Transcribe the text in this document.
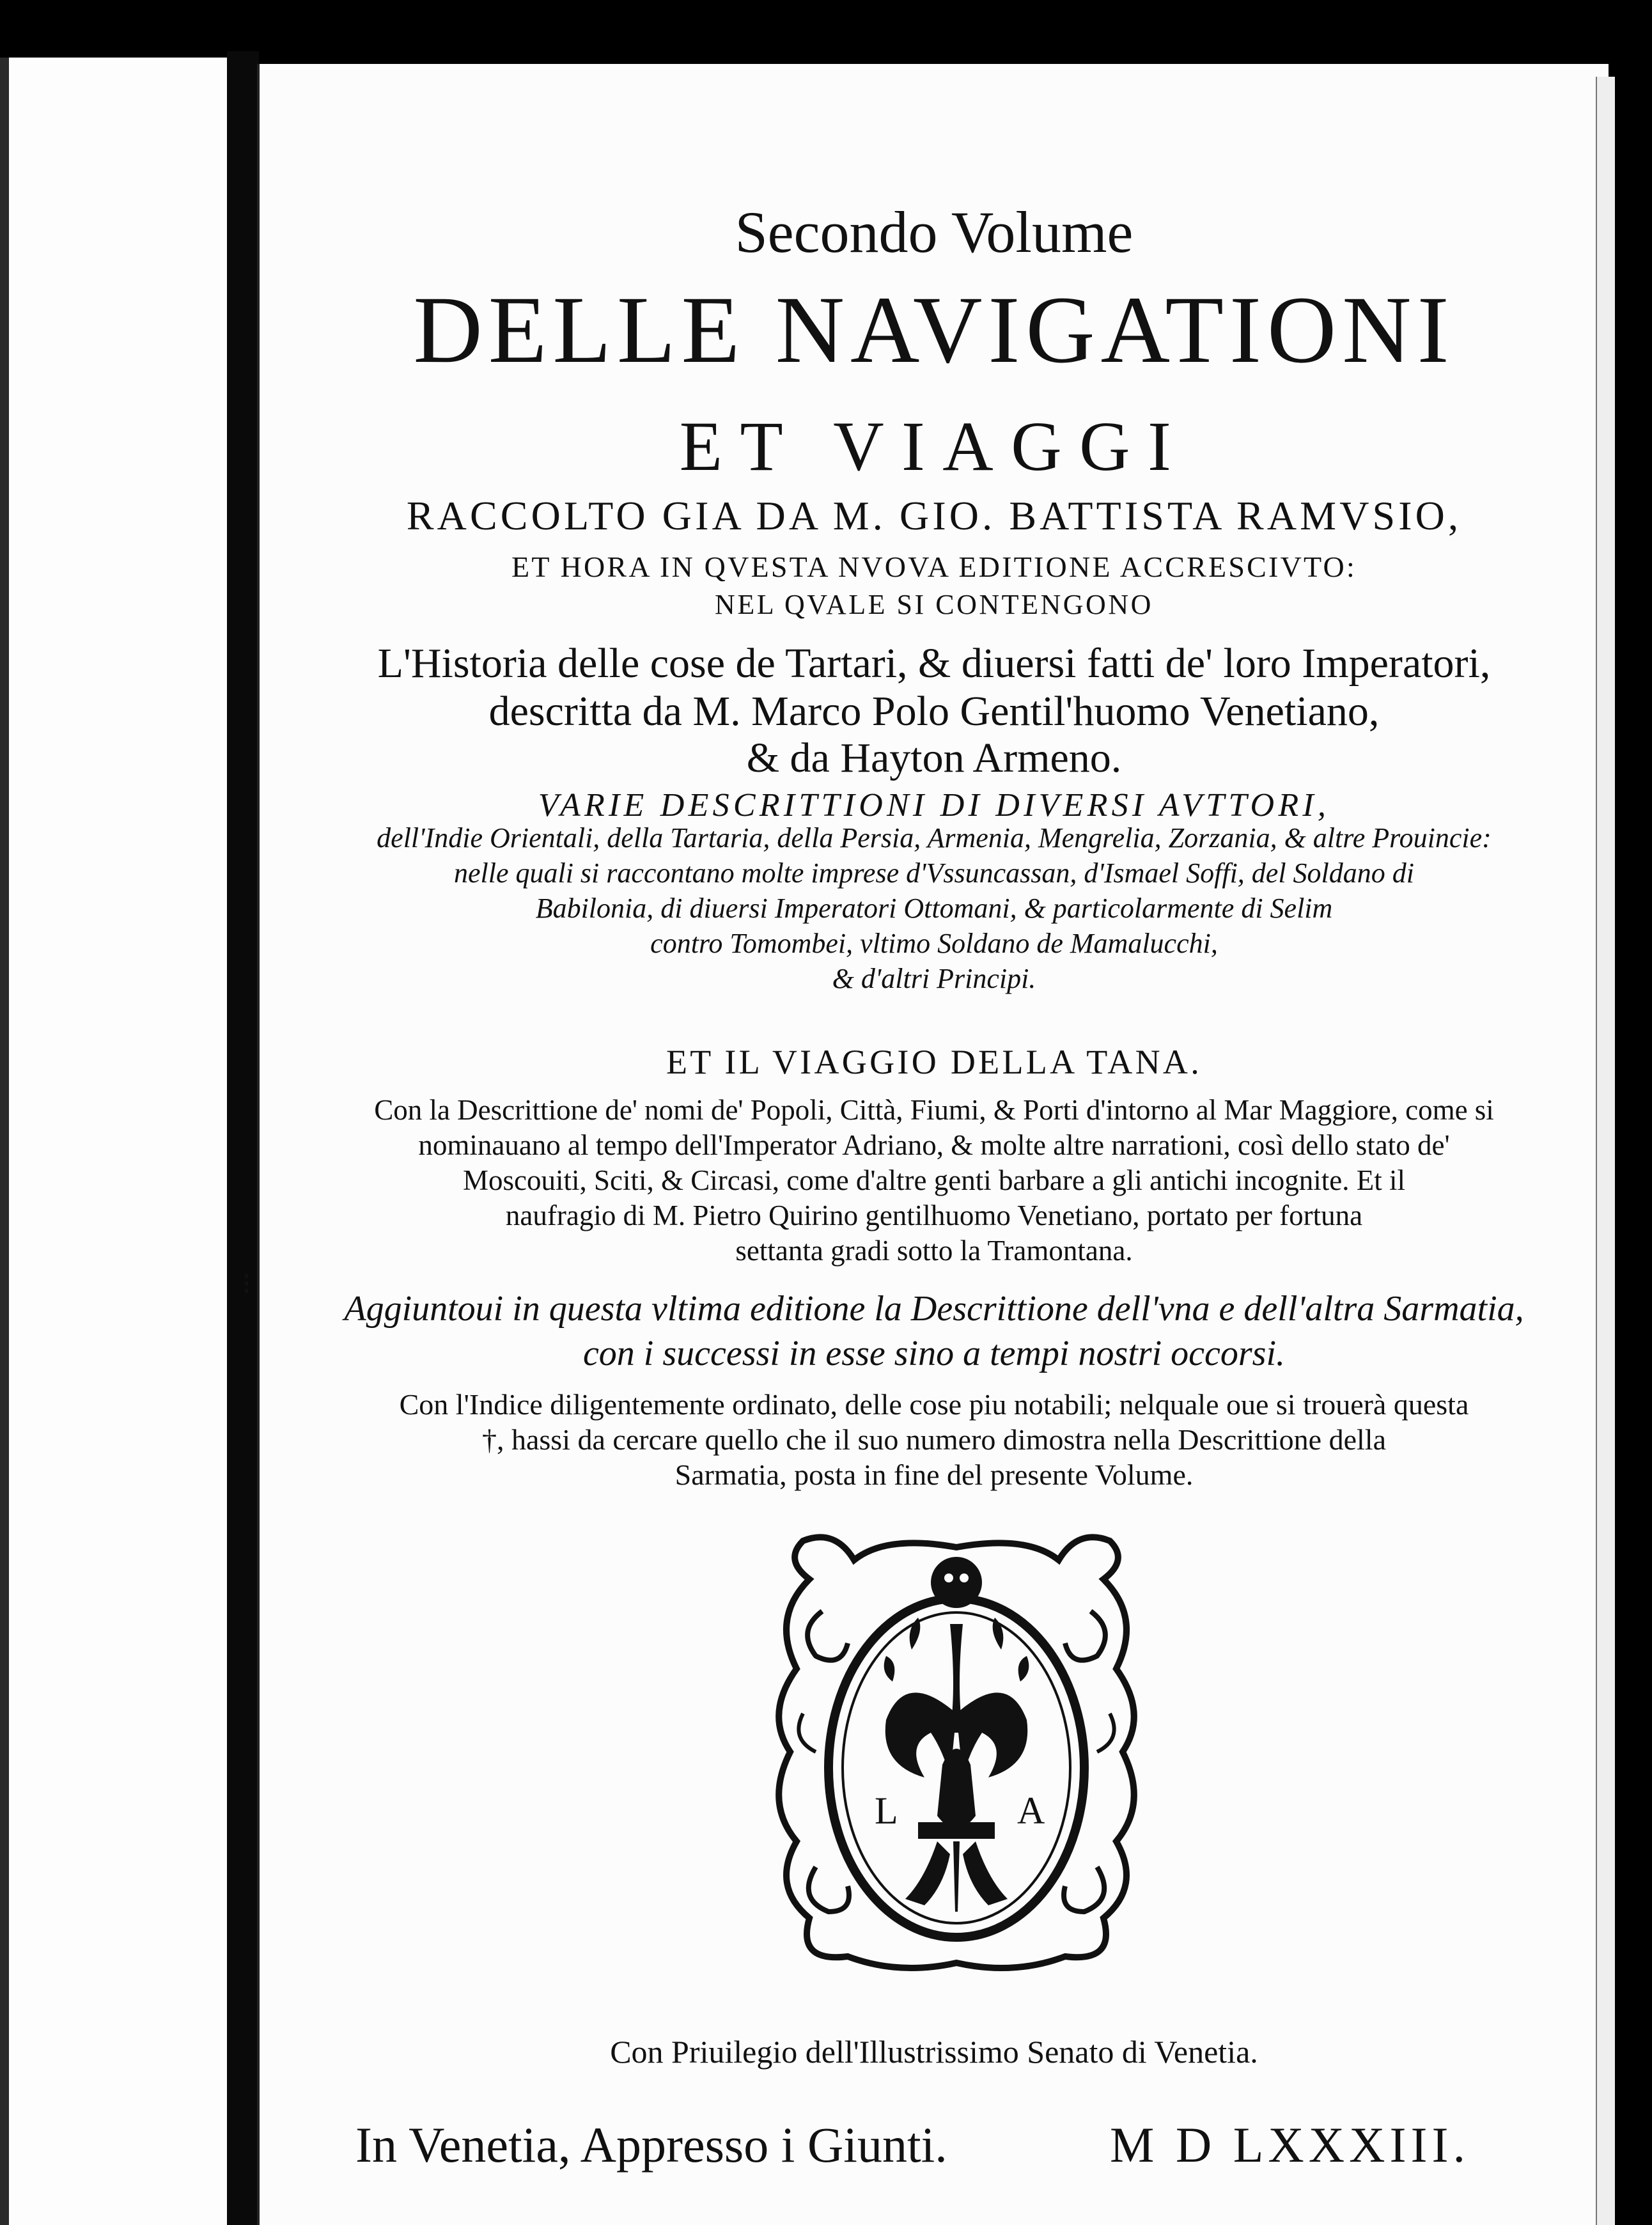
Secondo Volume
DELLE NAVIGATIONI
ET VIAGGI
RACCOLTO GIA DA M. GIO. BATTISTA RAMVSIO,
ET HORA IN QVESTA NVOVA EDITIONE ACCRESCIVTO:
NEL QVALE SI CONTENGONO
L'Historia delle cose de Tartari, & diuersi fatti de' loro Imperatori,
descritta da M. Marco Polo Gentil'huomo Venetiano,
& da Hayton Armeno.
VARIE DESCRITTIONI DI DIVERSI AVTTORI,
dell'Indie Orientali, della Tartaria, della Persia, Armenia, Mengrelia, Zorzania, & altre Prouincie:
nelle quali si raccontano molte imprese d'Vssuncassan, d'Ismael Soffi, del Soldano di
Babilonia, di diuersi Imperatori Ottomani, & particolarmente di Selim
contro Tomombei, vltimo Soldano de Mamalucchi,
& d'altri Principi.
ET IL VIAGGIO DELLA TANA.
Con la Descrittione de' nomi de' Popoli, Città, Fiumi, & Porti d'intorno al Mar Maggiore, come si
nominauano al tempo dell'Imperator Adriano, & molte altre narrationi, così dello stato de'
Moscouiti, Sciti, & Circasi, come d'altre genti barbare a gli antichi incognite. Et il
naufragio di M. Pietro Quirino gentilhuomo Venetiano, portato per fortuna
settanta gradi sotto la Tramontana.
⁝
Aggiuntoui in questa vltima editione la Descrittione dell'vna e dell'altra Sarmatia,
con i successi in esse sino a tempi nostri occorsi.
Con l'Indice diligentemente ordinato, delle cose piu notabili; nelquale oue si trouerà questa
†, hassi da cercare quello che il suo numero dimostra nella Descrittione della
Sarmatia, posta in fine del presente Volume.
L	A
Con Priuilegio dell'Illustrissimo Senato di Venetia.
In Venetia, Appresso i Giunti.	M D LXXXIII.
